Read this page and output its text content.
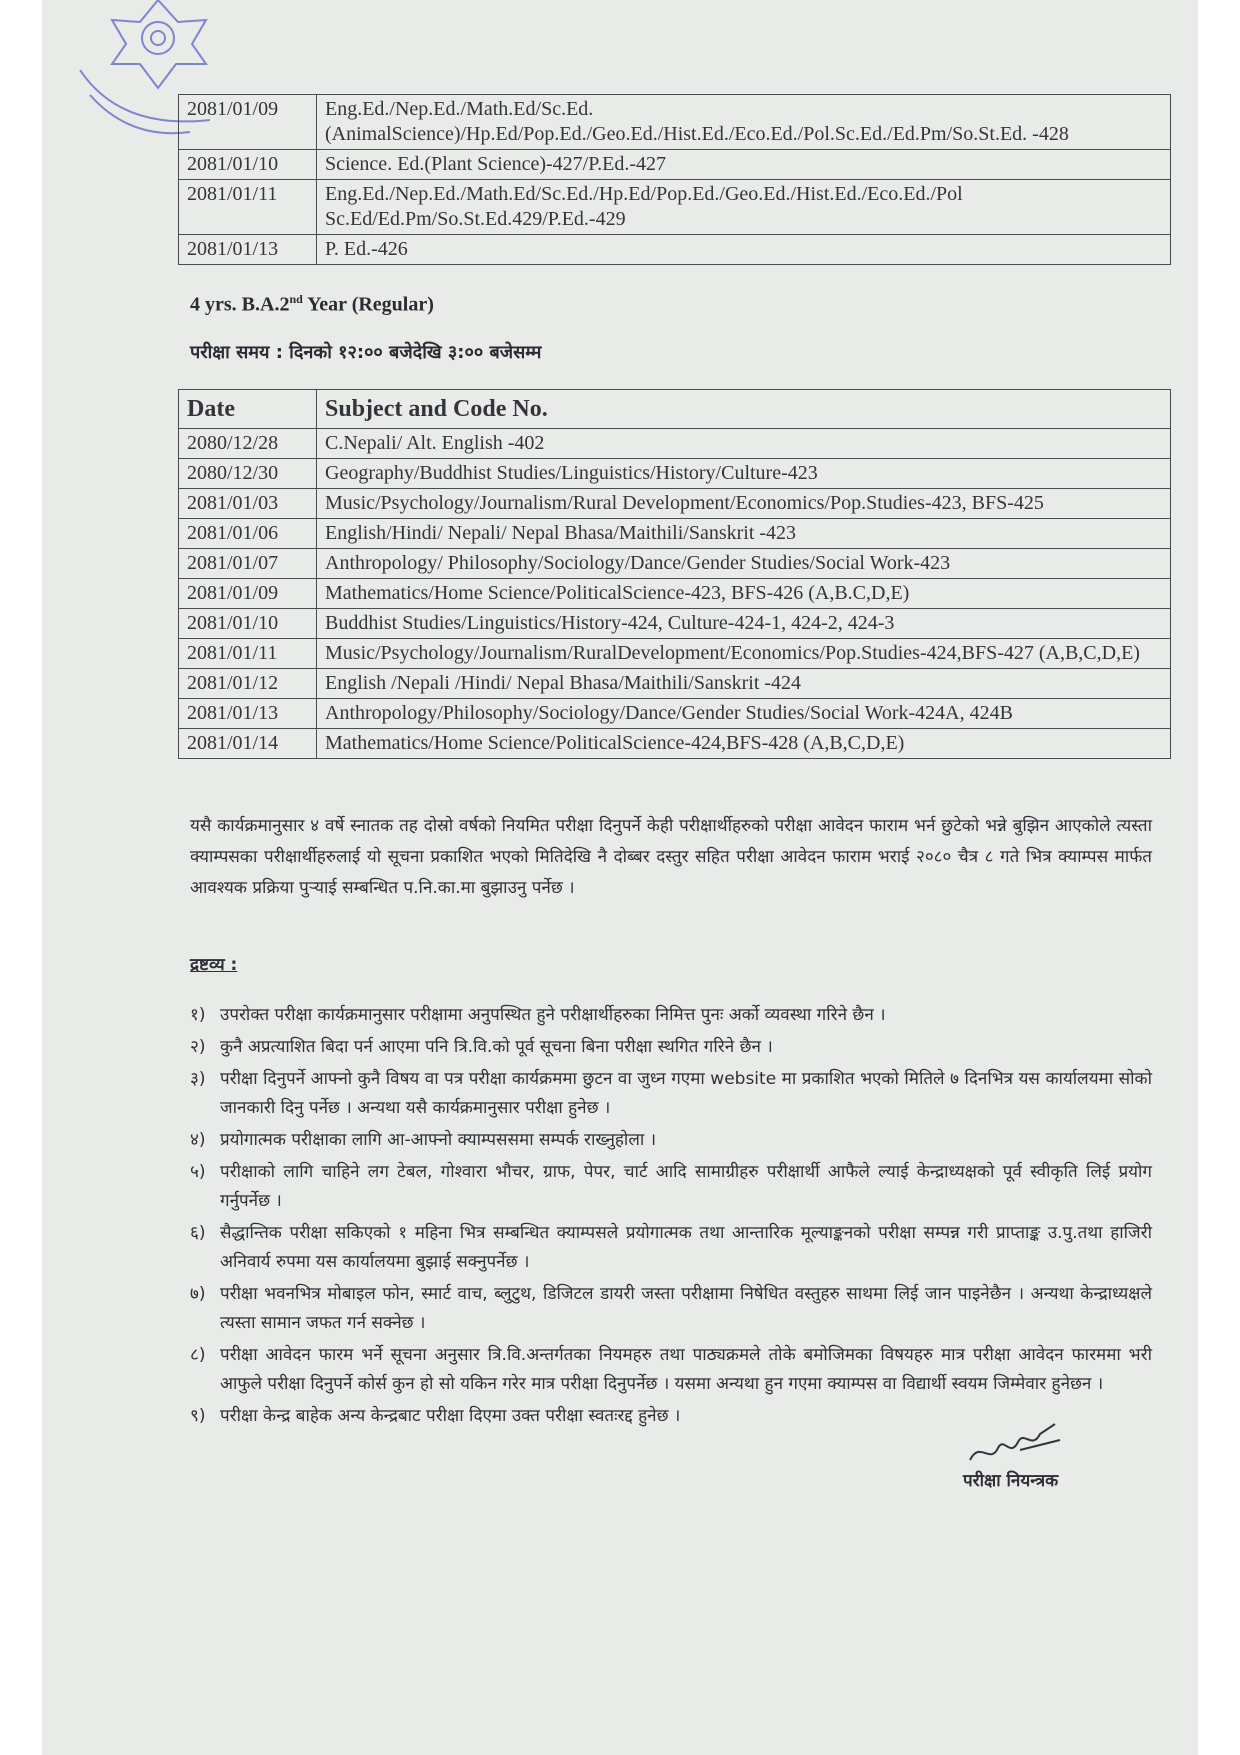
2081/01/09	Eng.Ed./Nep.Ed./Math.Ed/Sc.Ed.(AnimalScience)/Hp.Ed/Pop.Ed./Geo.Ed./Hist.Ed./Eco.Ed./Pol.Sc.Ed./Ed.Pm/So.St.Ed. -428
2081/01/10	Science. Ed.(Plant Science)-427/P.Ed.-427
2081/01/11	Eng.Ed./Nep.Ed./Math.Ed/Sc.Ed./Hp.Ed/Pop.Ed./Geo.Ed./Hist.Ed./Eco.Ed./Pol Sc.Ed/Ed.Pm/So.St.Ed.429/P.Ed.-429
2081/01/13	P. Ed.-426
4 yrs. B.A.2nd Year (Regular)
परीक्षा समय : दिनको १२:०० बजेदेखि ३:०० बजेसम्म
Date	Subject and Code No.
2080/12/28	C.Nepali/ Alt. English -402
2080/12/30	Geography/Buddhist Studies/Linguistics/History/Culture-423
2081/01/03	Music/Psychology/Journalism/Rural Development/Economics/Pop.Studies-423, BFS-425
2081/01/06	English/Hindi/ Nepali/ Nepal Bhasa/Maithili/Sanskrit -423
2081/01/07	Anthropology/ Philosophy/Sociology/Dance/Gender Studies/Social Work-423
2081/01/09	Mathematics/Home Science/PoliticalScience-423, BFS-426 (A,B.C,D,E)
2081/01/10	Buddhist Studies/Linguistics/History-424, Culture-424-1, 424-2, 424-3
2081/01/11	Music/Psychology/Journalism/RuralDevelopment/Economics/Pop.Studies-424,BFS-427 (A,B,C,D,E)
2081/01/12	English /Nepali /Hindi/ Nepal Bhasa/Maithili/Sanskrit -424
2081/01/13	Anthropology/Philosophy/Sociology/Dance/Gender Studies/Social Work-424A, 424B
2081/01/14	Mathematics/Home Science/PoliticalScience-424,BFS-428 (A,B,C,D,E)
यसै कार्यक्रमानुसार ४ वर्षे स्नातक तह दोस्रो वर्षको नियमित परीक्षा दिनुपर्ने केही परीक्षार्थीहरुको परीक्षा आवेदन फाराम भर्न छुटेको भन्ने बुझिन आएकोले त्यस्ता क्याम्पसका परीक्षार्थीहरुलाई यो सूचना प्रकाशित भएको मितिदेखि नै दोब्बर दस्तुर सहित परीक्षा आवेदन फाराम भराई २०८० चैत्र ८ गते भित्र क्याम्पस मार्फत आवश्यक प्रक्रिया पुऱ्याई सम्बन्धित प.नि.का.मा बुझाउनु पर्नेछ ।
द्रष्टव्य :
१) उपरोक्त परीक्षा कार्यक्रमानुसार परीक्षामा अनुपस्थित हुने परीक्षार्थीहरुका निमित्त पुनः अर्को व्यवस्था गरिने छैन ।
२) कुनै अप्रत्याशित बिदा पर्न आएमा पनि त्रि.वि.को पूर्व सूचना बिना परीक्षा स्थगित गरिने छैन ।
३) परीक्षा दिनुपर्ने आफ्नो कुनै विषय वा पत्र परीक्षा कार्यक्रममा छुटन वा जुध्न गएमा website मा प्रकाशित भएको मितिले ७ दिनभित्र यस कार्यालयमा सोको जानकारी दिनु पर्नेछ । अन्यथा यसै कार्यक्रमानुसार परीक्षा हुनेछ ।
४) प्रयोगात्मक परीक्षाका लागि आ-आफ्नो क्याम्पससमा सम्पर्क राख्नुहोला ।
५) परीक्षाको लागि चाहिने लग टेबल, गोश्वारा भौचर, ग्राफ, पेपर, चार्ट आदि सामाग्रीहरु परीक्षार्थी आफैले ल्याई केन्द्राध्यक्षको पूर्व स्वीकृति लिई प्रयोग गर्नुपर्नेछ ।
६) सैद्धान्तिक परीक्षा सकिएको १ महिना भित्र सम्बन्धित क्याम्पसले प्रयोगात्मक तथा आन्तारिक मूल्याङ्कनको परीक्षा सम्पन्न गरी प्राप्ताङ्क उ.पु.तथा हाजिरी अनिवार्य रुपमा यस कार्यालयमा बुझाई सक्नुपर्नेछ ।
७) परीक्षा भवनभित्र मोबाइल फोन, स्मार्ट वाच, ब्लुटुथ, डिजिटल डायरी जस्ता परीक्षामा निषेधित वस्तुहरु साथमा लिई जान पाइनेछैन । अन्यथा केन्द्राध्यक्षले त्यस्ता सामान जफत गर्न सक्नेछ ।
८) परीक्षा आवेदन फारम भर्ने सूचना अनुसार त्रि.वि.अन्तर्गतका नियमहरु तथा पाठ्यक्रमले तोके बमोजिमका विषयहरु मात्र परीक्षा आवेदन फारममा भरी आफुले परीक्षा दिनुपर्ने कोर्स कुन हो सो यकिन गरेर मात्र परीक्षा दिनुपर्नेछ । यसमा अन्यथा हुन गएमा क्याम्पस वा विद्यार्थी स्वयम जिम्मेवार हुनेछन ।
९) परीक्षा केन्द्र बाहेक अन्य केन्द्रबाट परीक्षा दिएमा उक्त परीक्षा स्वतःरद्द हुनेछ ।
परीक्षा नियन्त्रक
